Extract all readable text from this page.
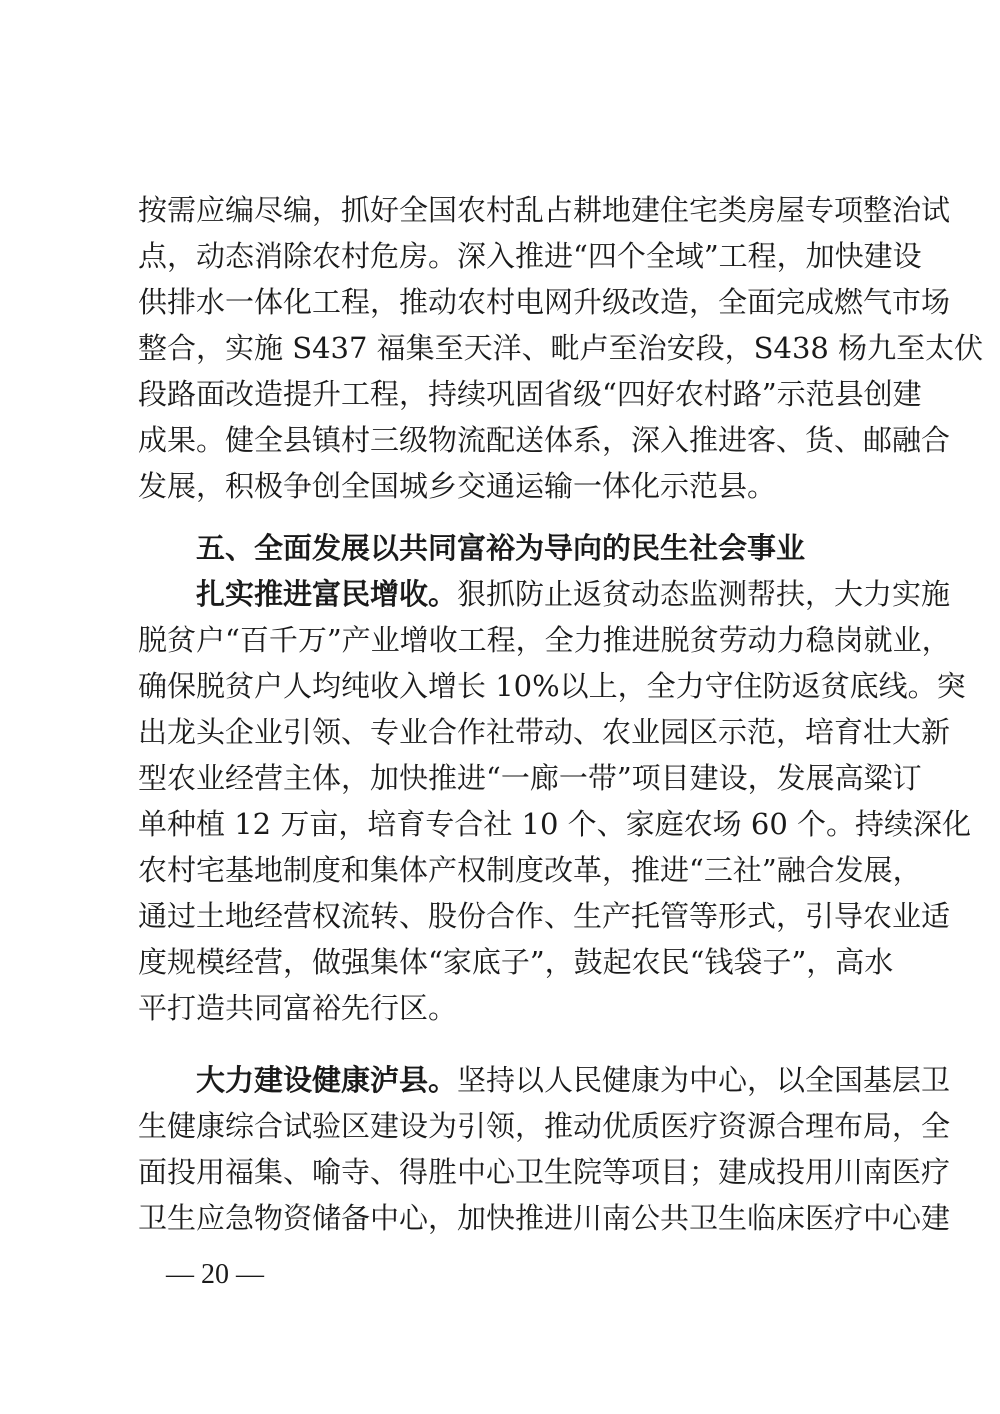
按需应编尽编，抓好全国农村乱占耕地建住宅类房屋专项整治试
点，动态消除农村危房。深入推进“四个全域”工程，加快建设
供排水一体化工程，推动农村电网升级改造，全面完成燃气市场
整合，实施 S437 福集至天洋、毗卢至治安段，S438 杨九至太伏
段路面改造提升工程，持续巩固省级“四好农村路”示范县创建
成果。健全县镇村三级物流配送体系，深入推进客、货、邮融合
发展，积极争创全国城乡交通运输一体化示范县。
五、全面发展以共同富裕为导向的民生社会事业
扎实推进富民增收。狠抓防止返贫动态监测帮扶，大力实施
脱贫户“百千万”产业增收工程，全力推进脱贫劳动力稳岗就业，
确保脱贫户人均纯收入增长 10%以上，全力守住防返贫底线。突
出龙头企业引领、专业合作社带动、农业园区示范，培育壮大新
型农业经营主体，加快推进“一廊一带”项目建设，发展高粱订
单种植 12 万亩，培育专合社 10 个、家庭农场 60 个。持续深化
农村宅基地制度和集体产权制度改革，推进“三社”融合发展，
通过土地经营权流转、股份合作、生产托管等形式，引导农业适
度规模经营，做强集体“家底子”，鼓起农民“钱袋子”，高水
平打造共同富裕先行区。
大力建设健康泸县。坚持以人民健康为中心，以全国基层卫
生健康综合试验区建设为引领，推动优质医疗资源合理布局，全
面投用福集、喻寺、得胜中心卫生院等项目；建成投用川南医疗
卫生应急物资储备中心，加快推进川南公共卫生临床医疗中心建
— 20 —
